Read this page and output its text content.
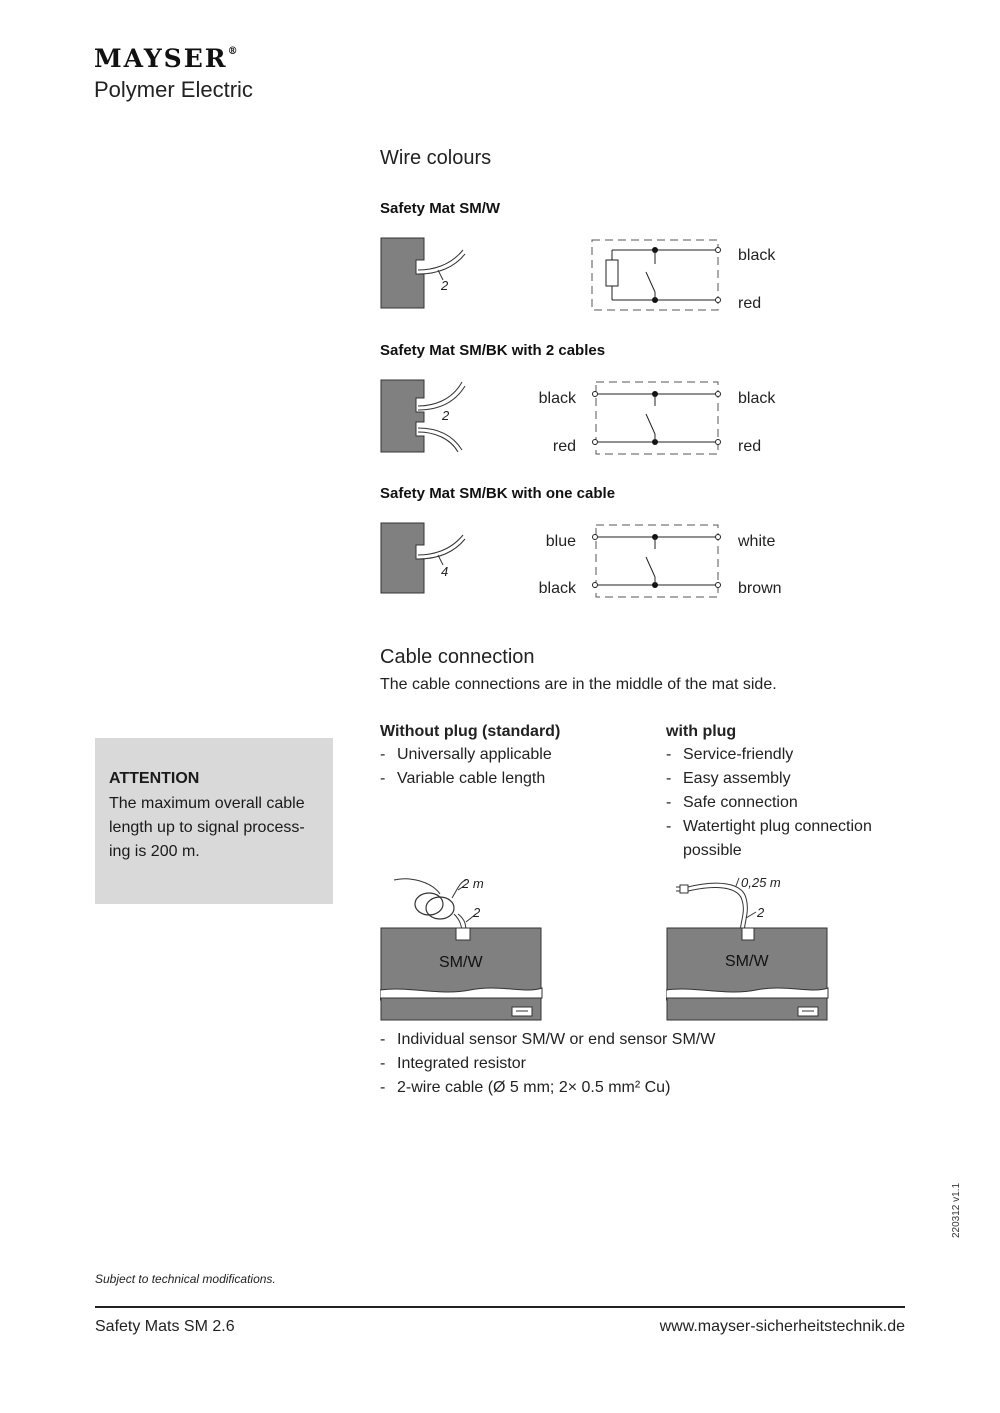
MAYSER®
Polymer Electric
Wire colours
Safety Mat SM/W
2
black
red
Safety Mat SM/BK with 2 cables
2
black
red
black
red
Safety Mat SM/BK with one cable
4
blue
black
white
brown
Cable connection
The cable connections are in the middle of the mat side.
Without plug (standard)
- Universally applicable
- Variable cable length
with plug
- Service-friendly
- Easy assembly
- Safe connection
- Watertight plug connection possible
2 m
2
SM/W
0,25 m
2
SM/W
- Individual sensor SM/W or end sensor SM/W
- Integrated resistor
- 2-wire cable (Ø 5 mm; 2× 0.5 mm² Cu)
ATTENTION
The maximum overall cable length up to signal process-ing is 200 m.
220312 v1.1
Subject to technical modifications.
Safety Mats SM 2.6	www.mayser-sicherheitstechnik.de
